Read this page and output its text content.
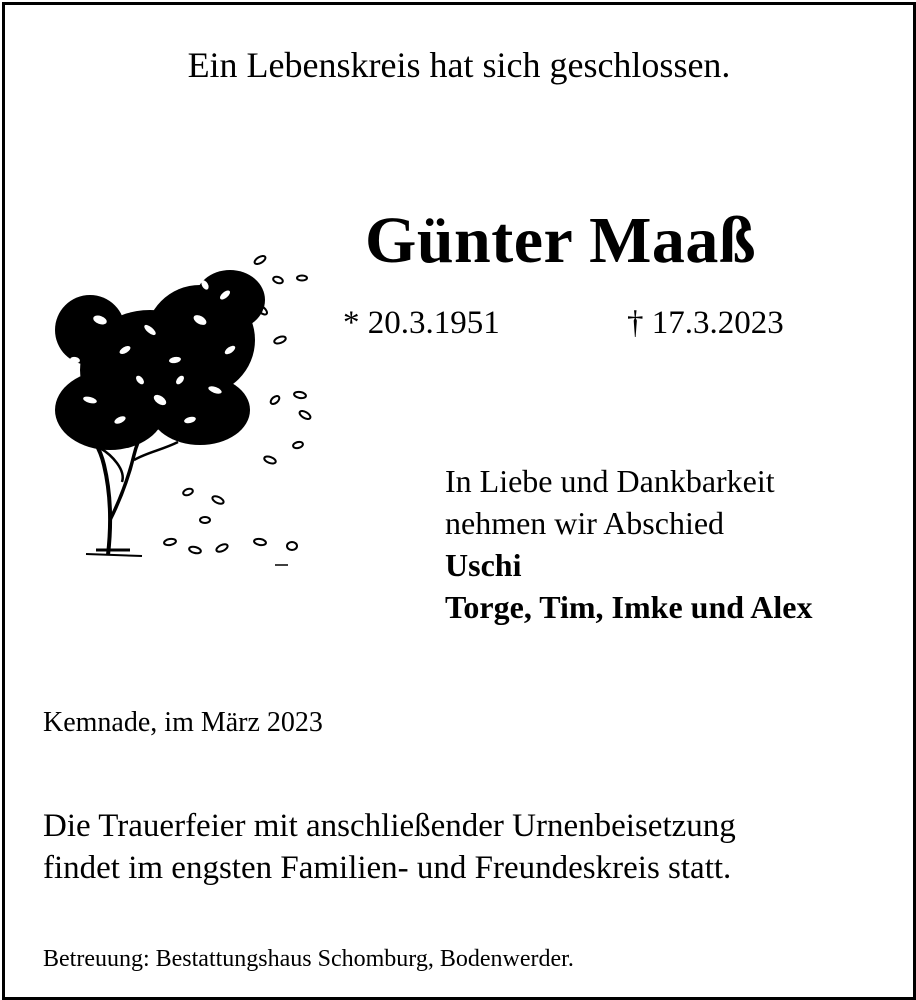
Ein Lebenskreis hat sich geschlossen.
Günter Maaß
* 20.3.1951	† 17.3.2023
In Liebe und Dankbarkeit
nehmen wir Abschied
Uschi
Torge, Tim, Imke und Alex
Kemnade, im März 2023
Die Trauerfeier mit anschließender Urnenbeisetzung
findet im engsten Familien- und Freundeskreis statt.
Betreuung: Bestattungshaus Schomburg, Bodenwerder.
